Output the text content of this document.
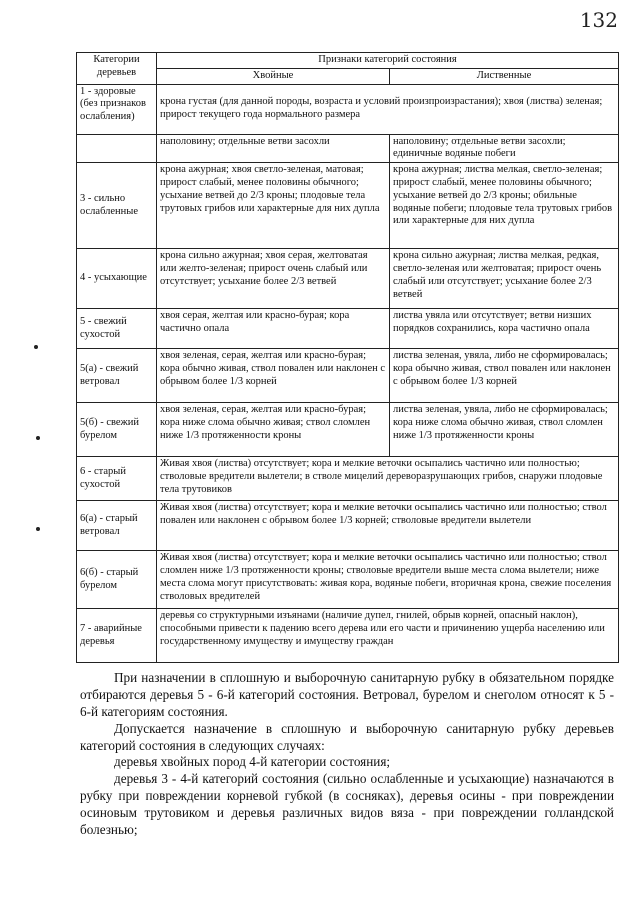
132
Категории деревьев	Признаки категорий состояния	
	Хвойные	Лиственные
1 - здоровые (без признаков ослабления)	крона густая (для данной породы, возраста и условий произпроизрастания); хвоя (листва) зеленая; прирост текущего года нормального размера	
	наполовину; отдельные ветви засохли	наполовину; отдельные ветви засохли; единичные водяные побеги
3 - сильно ослабленные	крона ажурная; хвоя светло-зеленая, матовая; прирост слабый, менее половины обычного; усыхание ветвей до 2/3 кроны; плодовые тела трутовых грибов или характерные для них дупла	крона ажурная; листва мелкая, светло-зеленая; прирост слабый, менее половины обычного; усыхание ветвей до 2/3 кроны; обильные водяные побеги; плодовые тела трутовых грибов или характерные для них дупла
4 - усыхающие	крона сильно ажурная; хвоя серая, желтоватая или желто-зеленая; прирост очень слабый или отсутствует; усыхание более 2/3 ветвей	крона сильно ажурная; листва мелкая, редкая, светло-зеленая или желтоватая; прирост очень слабый или отсутствует; усыхание более 2/3 ветвей
5 - свежий сухостой	хвоя серая, желтая или красно-бурая; кора частично опала	листва увяла или отсутствует; ветви низших порядков сохранились, кора частично опала
5(а) - свежий ветровал	хвоя зеленая, серая, желтая или красно-бурая; кора обычно живая, ствол повален или наклонен с обрывом более 1/3 корней	листва зеленая, увяла, либо не сформировалась; кора обычно живая, ствол повален или наклонен с обрывом более 1/3 корней
5(б) - свежий бурелом	хвоя зеленая, серая, желтая или красно-бурая; кора ниже слома обычно живая; ствол сломлен ниже 1/3 протяженности кроны	листва зеленая, увяла, либо не сформировалась; кора ниже слома обычно живая, ствол сломлен ниже 1/3 протяженности кроны
6 - старый сухостой	Живая хвоя (листва) отсутствует; кора и мелкие веточки осыпались частично или полностью; стволовые вредители вылетели; в стволе мицелий дереворазрушающих грибов, снаружи плодовые тела трутовиков	
6(а) - старый ветровал	Живая хвоя (листва) отсутствует; кора и мелкие веточки осыпались частично или полностью; ствол повален или наклонен с обрывом более 1/3 корней; стволовые вредители вылетели	
6(б) - старый бурелом	Живая хвоя (листва) отсутствует; кора и мелкие веточки осыпались частично или полностью; ствол сломлен ниже 1/3 протяженности кроны; стволовые вредители выше места слома вылетели; ниже места слома могут присутствовать: живая кора, водяные побеги, вторичная крона, свежие поселения стволовых вредителей	
7 - аварийные деревья	деревья со структурными изъянами (наличие дупел, гнилей, обрыв корней, опасный наклон), способными привести к падению всего дерева или его части и причинению ущерба населению или государственному имуществу и имуществу граждан	

При назначении в сплошную и выборочную санитарную рубку в обязательном порядке отбираются деревья 5 - 6-й категорий состояния. Ветровал, бурелом и снеголом относят к 5 - 6-й категориям состояния.

Допускается назначение в сплошную и выборочную санитарную рубку деревьев категорий состояния в следующих случаях:

деревья хвойных пород 4-й категории состояния;

деревья 3 - 4-й категорий состояния (сильно ослабленные и усыхающие) назначаются в рубку при повреждении корневой губкой (в сосняках), деревья осины - при повреждении осиновым трутовиком и деревья различных видов вяза - при повреждении голландской болезнью;
